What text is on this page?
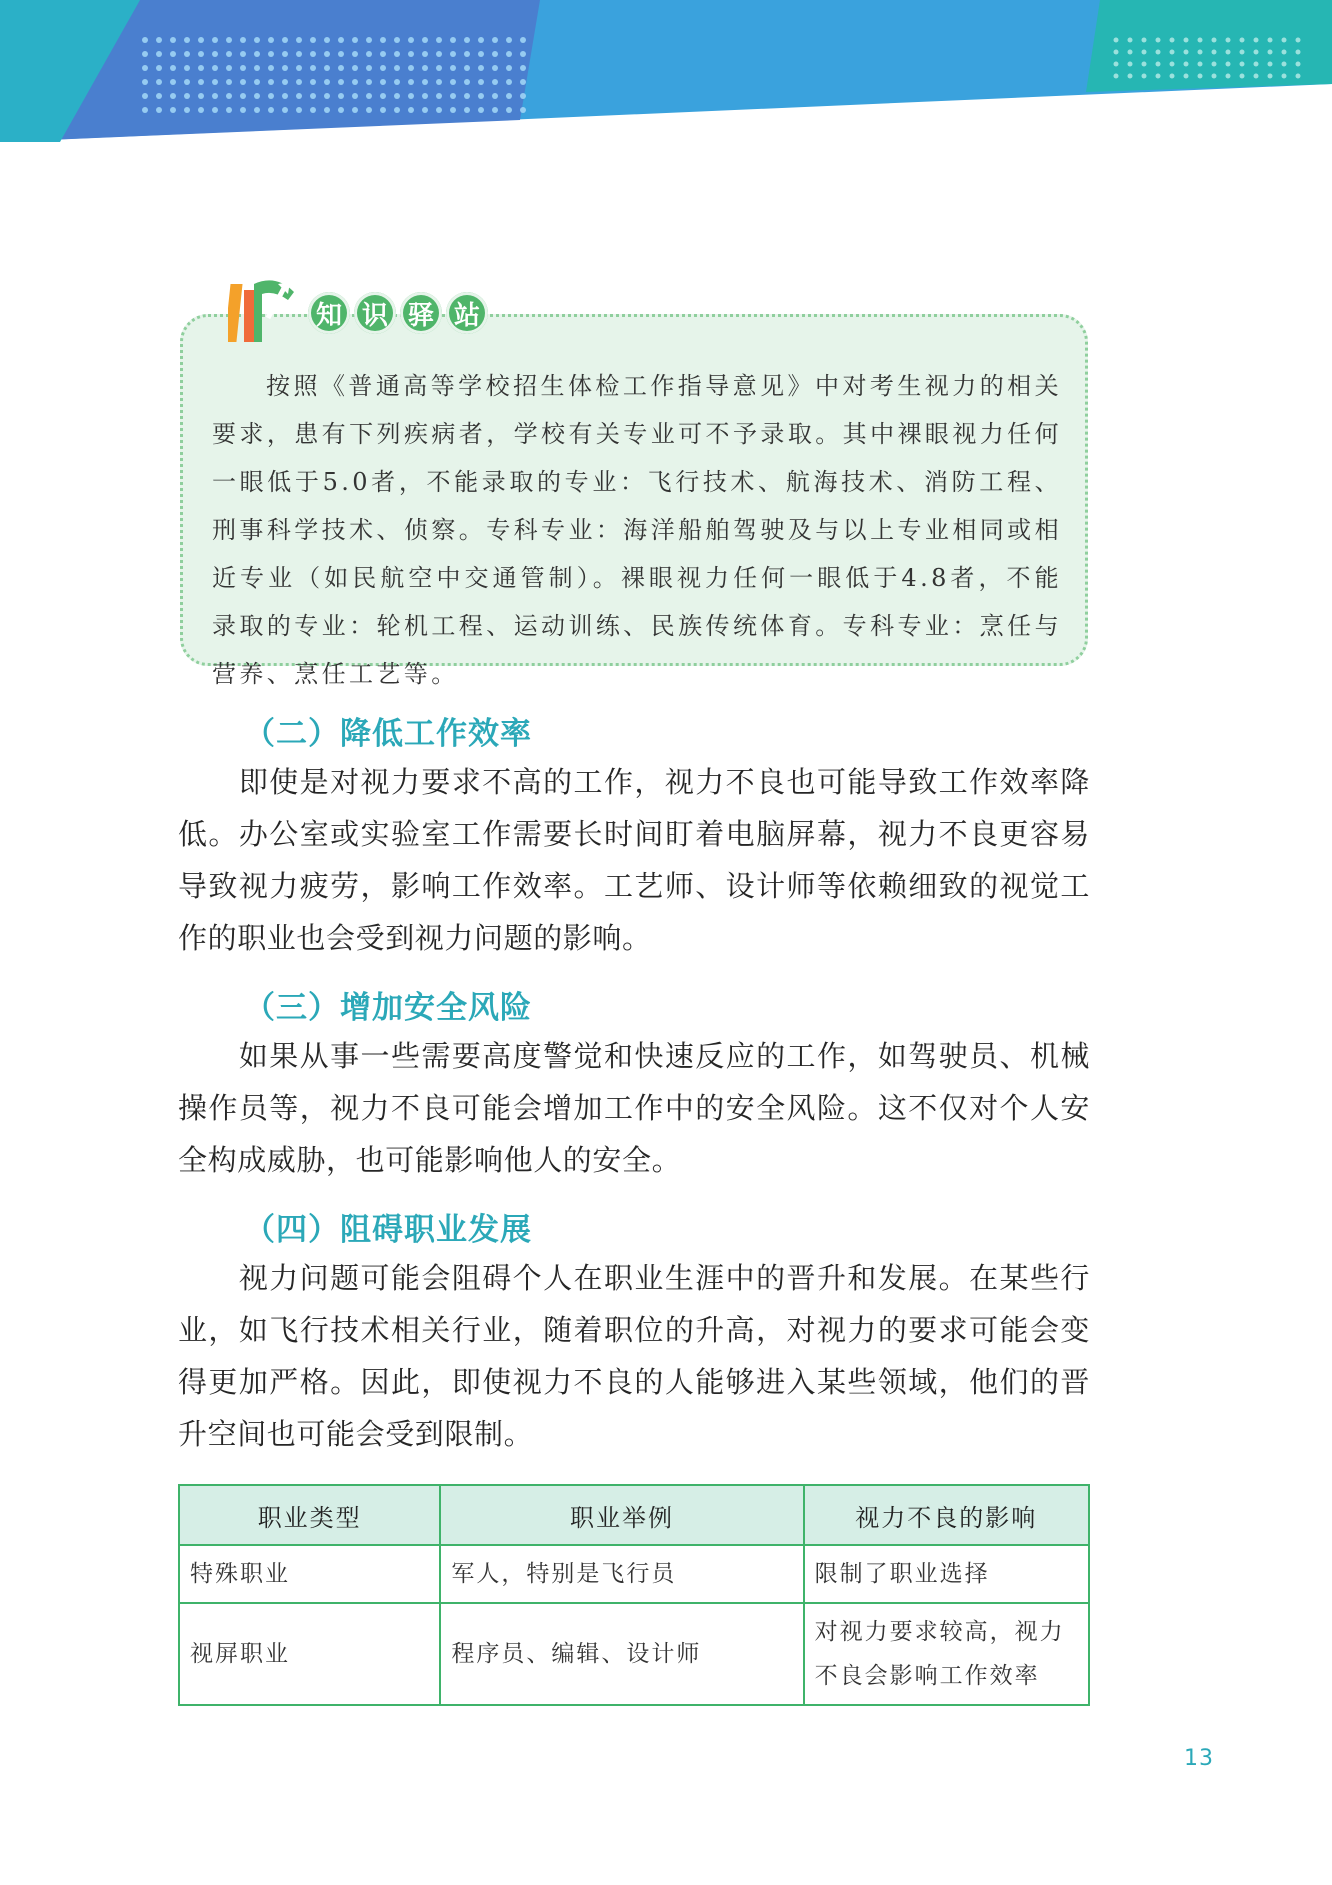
知 识 驿 站

按照《普通高等学校招生体检工作指导意见》中对考生视力的相关要求，患有下列疾病者，学校有关专业可不予录取。其中裸眼视力任何一眼低于5.0者，不能录取的专业：飞行技术、航海技术、消防工程、刑事科学技术、侦察。专科专业：海洋船舶驾驶及与以上专业相同或相近专业（如民航空中交通管制）。裸眼视力任何一眼低于4.8者，不能录取的专业：轮机工程、运动训练、民族传统体育。专科专业：烹任与营养、烹任工艺等。

（二）降低工作效率

即使是对视力要求不高的工作，视力不良也可能导致工作效率降低。办公室或实验室工作需要长时间盯着电脑屏幕，视力不良更容易导致视力疲劳，影响工作效率。工艺师、设计师等依赖细致的视觉工作的职业也会受到视力问题的影响。

（三）增加安全风险

如果从事一些需要高度警觉和快速反应的工作，如驾驶员、机械操作员等，视力不良可能会增加工作中的安全风险。这不仅对个人安全构成威胁，也可能影响他人的安全。

（四）阻碍职业发展

视力问题可能会阻碍个人在职业生涯中的晋升和发展。在某些行业，如飞行技术相关行业，随着职位的升高，对视力的要求可能会变得更加严格。因此，即使视力不良的人能够进入某些领域，他们的晋升空间也可能会受到限制。

职业类型	职业举例	视力不良的影响
特殊职业	军人，特别是飞行员	限制了职业选择
视屏职业	程序员、编辑、设计师	对视力要求较高，视力不良会影响工作效率
13
